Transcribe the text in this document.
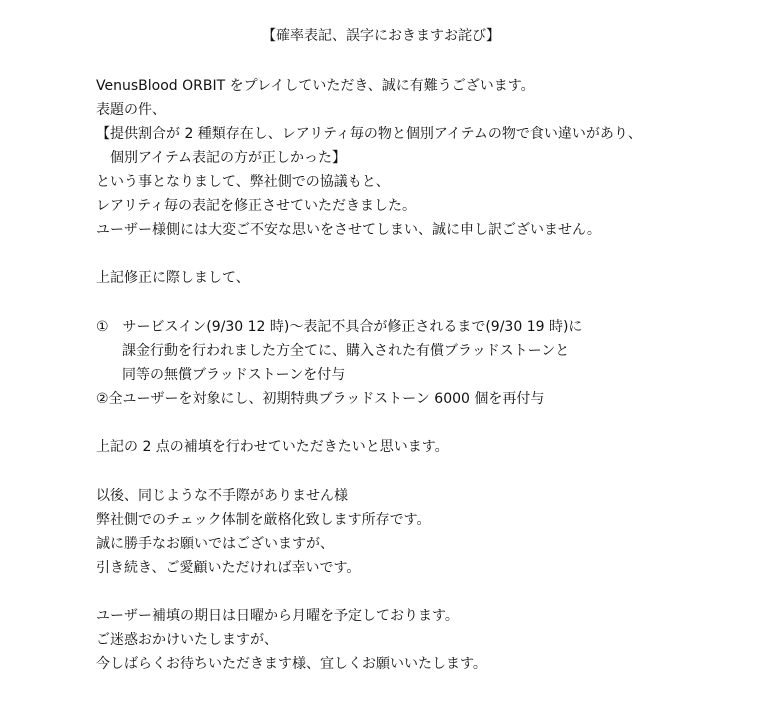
【確率表記、誤字におきますお詫び】
VenusBlood ORBIT をプレイしていただき、誠に有難うございます。
表題の件、
【提供割合が 2 種類存在し、レアリティ毎の物と個別アイテムの物で食い違いがあり、
個別アイテム表記の方が正しかった】
という事となりまして、弊社側での協議もと、
レアリティ毎の表記を修正させていただきました。
ユーザー様側には大変ご不安な思いをさせてしまい、誠に申し訳ございません。
上記修正に際しまして、
①　サービスイン(9/30 12 時)～表記不具合が修正されるまで(9/30 19 時)に
課金行動を行われました方全てに、購入された有償ブラッドストーンと
同等の無償ブラッドストーンを付与
②全ユーザーを対象にし、初期特典ブラッドストーン 6000 個を再付与
上記の 2 点の補填を行わせていただきたいと思います。
以後、同じような不手際がありません様
弊社側でのチェック体制を厳格化致します所存です。
誠に勝手なお願いではございますが、
引き続き、ご愛顧いただければ幸いです。
ユーザー補填の期日は日曜から月曜を予定しております。
ご迷惑おかけいたしますが、
今しばらくお待ちいただきます様、宜しくお願いいたします。
